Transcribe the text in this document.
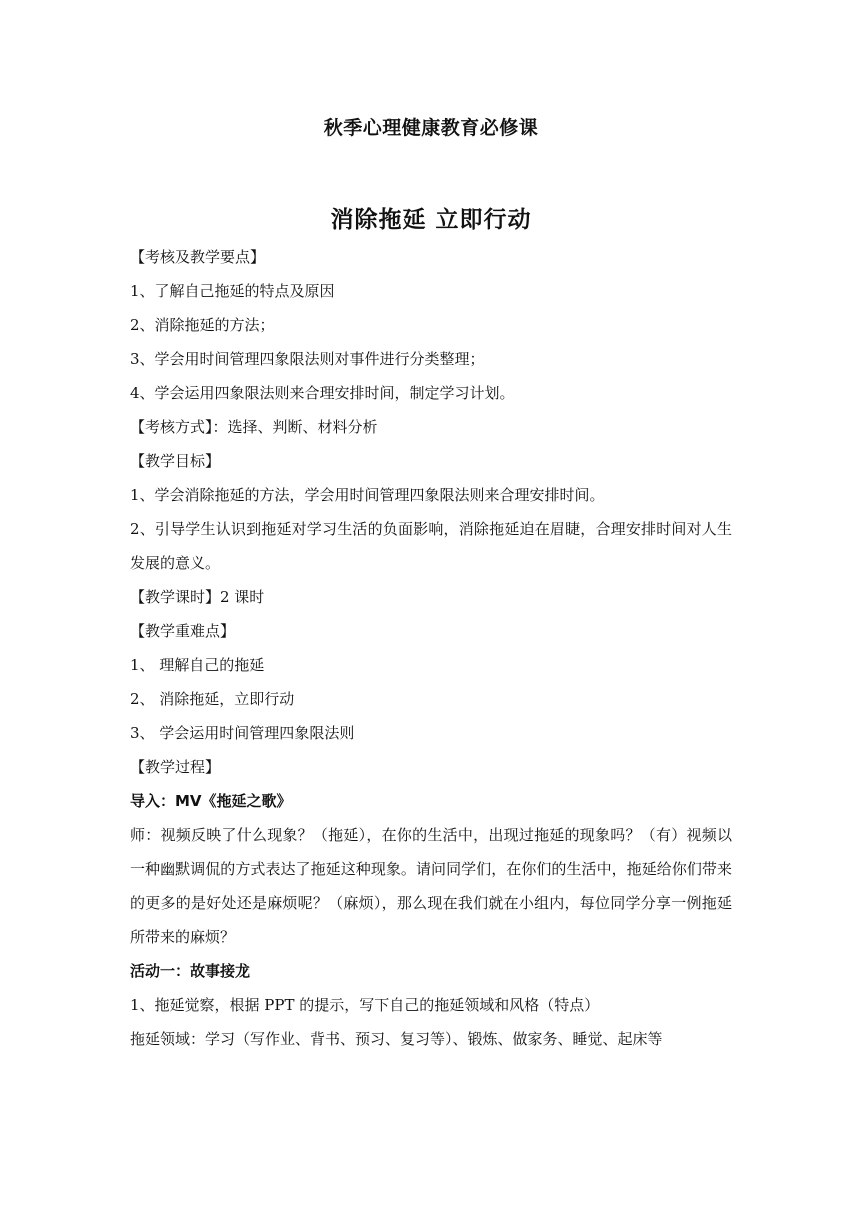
秋季心理健康教育必修课

消除拖延 立即行动

【考核及教学要点】

1、了解自己拖延的特点及原因

2、消除拖延的方法；

3、学会用时间管理四象限法则对事件进行分类整理；

4、学会运用四象限法则来合理安排时间，制定学习计划。

【考核方式】：选择、判断、材料分析

【教学目标】

1、学会消除拖延的方法，学会用时间管理四象限法则来合理安排时间。

2、引导学生认识到拖延对学习生活的负面影响，消除拖延迫在眉睫，合理安排时间对人生发展的意义。

【教学课时】2 课时

【教学重难点】

1、 理解自己的拖延

2、 消除拖延，立即行动

3、 学会运用时间管理四象限法则

【教学过程】

导入：MV《拖延之歌》

师：视频反映了什么现象？（拖延），在你的生活中，出现过拖延的现象吗？（有）视频以一种幽默调侃的方式表达了拖延这种现象。请问同学们，在你们的生活中，拖延给你们带来的更多的是好处还是麻烦呢？（麻烦），那么现在我们就在小组内，每位同学分享一例拖延所带来的麻烦？

活动一：故事接龙

1、拖延觉察，根据 PPT 的提示，写下自己的拖延领域和风格（特点）

拖延领域：学习（写作业、背书、预习、复习等）、锻炼、做家务、睡觉、起床等
